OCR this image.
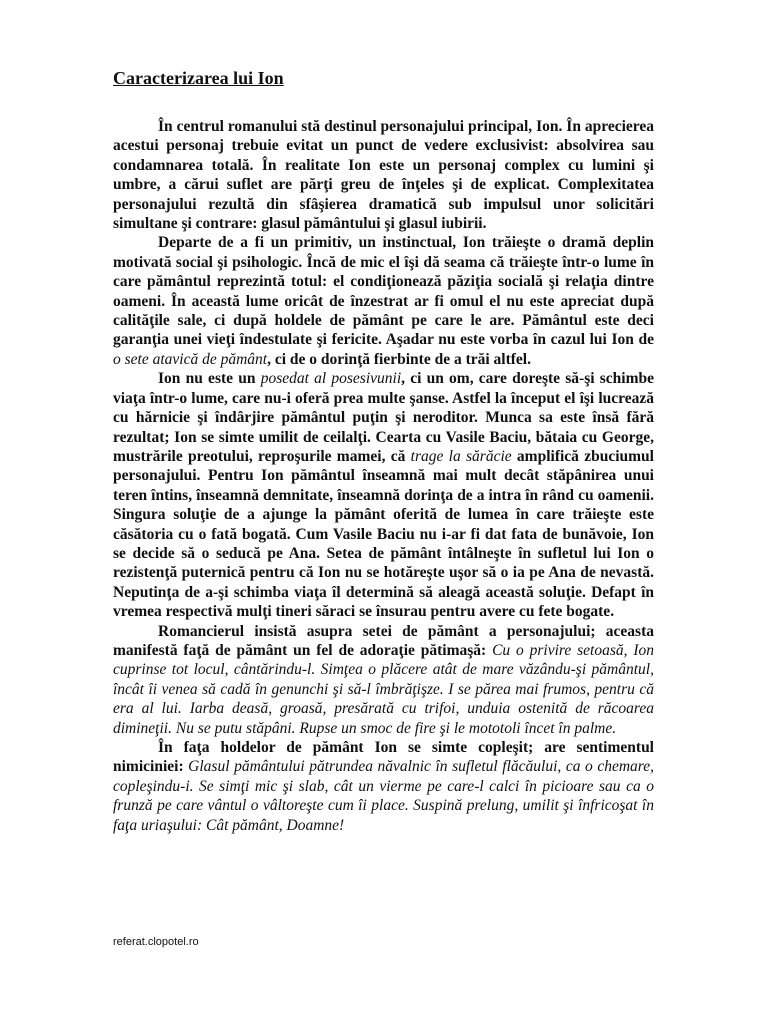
Caracterizarea lui Ion

În centrul romanului stă destinul personajului principal, Ion. În aprecierea acestui personaj trebuie evitat un punct de vedere exclusivist: absolvirea sau condamnarea totală. În realitate Ion este un personaj complex cu lumini şi umbre, a cărui suflet are părţi greu de înţeles şi de explicat. Complexitatea personajului rezultă din sfâşierea dramatică sub impulsul unor solicitări simultane şi contrare: glasul pământului şi glasul iubirii.

Departe de a fi un primitiv, un instinctual, Ion trăieşte o dramă deplin motivată social şi psihologic. Încă de mic el îşi dă seama că trăieşte într-o lume în care pământul reprezintă totul: el condiţionează păziţia socială şi relaţia dintre oameni. În această lume oricât de înzestrat ar fi omul el nu este apreciat după calităţile sale, ci după holdele de pământ pe care le are. Pământul este deci garanţia unei vieţi îndestulate şi fericite. Aşadar nu este vorba în cazul lui Ion de o sete atavică de pământ, ci de o dorinţă fierbinte de a trăi altfel.

Ion nu este un posedat al posesivunii, ci un om, care doreşte să-şi schimbe viaţa într-o lume, care nu-i oferă prea multe şanse. Astfel la început el îşi lucrează cu hărnicie şi îndârjire pământul puţin şi neroditor. Munca sa este însă fără rezultat; Ion se simte umilit de ceilalţi. Cearta cu Vasile Baciu, bătaia cu George, mustrările preotului, reproşurile mamei, că trage la sărăcie amplifică zbuciumul personajului. Pentru Ion pământul înseamnă mai mult decât stăpânirea unui teren întins, înseamnă demnitate, înseamnă dorinţa de a intra în rând cu oamenii. Singura soluţie de a ajunge la pământ oferită de lumea în care trăieşte este căsătoria cu o fată bogată. Cum Vasile Baciu nu i-ar fi dat fata de bunăvoie, Ion se decide să o seducă pe Ana. Setea de pământ întâlneşte în sufletul lui Ion o rezistenţă puternică pentru că Ion nu se hotăreşte uşor să o ia pe Ana de nevastă. Neputinţa de a-şi schimba viaţa îl determină să aleagă această soluţie. Defapt în vremea respectivă mulţi tineri săraci se însurau pentru avere cu fete bogate.

Romancierul insistă asupra setei de pământ a personajului; aceasta manifestă faţă de pământ un fel de adoraţie pătimaşă: Cu o privire setoasă, Ion cuprinse tot locul, cântărindu-l. Simţea o plăcere atât de mare văzându-şi pământul, încât îi venea să cadă în genunchi şi să-l îmbrăţişze. I se părea mai frumos, pentru că era al lui. Iarba deasă, groasă, presărată cu trifoi, unduia ostenită de răcoarea dimineţii. Nu se putu stăpâni. Rupse un smoc de fire şi le mototoli încet în palme.

În faţa holdelor de pământ Ion se simte copleşit; are sentimentul nimiciniei: Glasul pământului pătrundea năvalnic în sufletul flăcăului, ca o chemare, copleşindu-i. Se simţi mic şi slab, cât un vierme pe care-l calci în picioare sau ca o frunză pe care vântul o vâltoreşte cum îi place. Suspină prelung, umilit şi înfricoşat în faţa uriaşului: Cât pământ, Doamne!

referat.clopotel.ro
